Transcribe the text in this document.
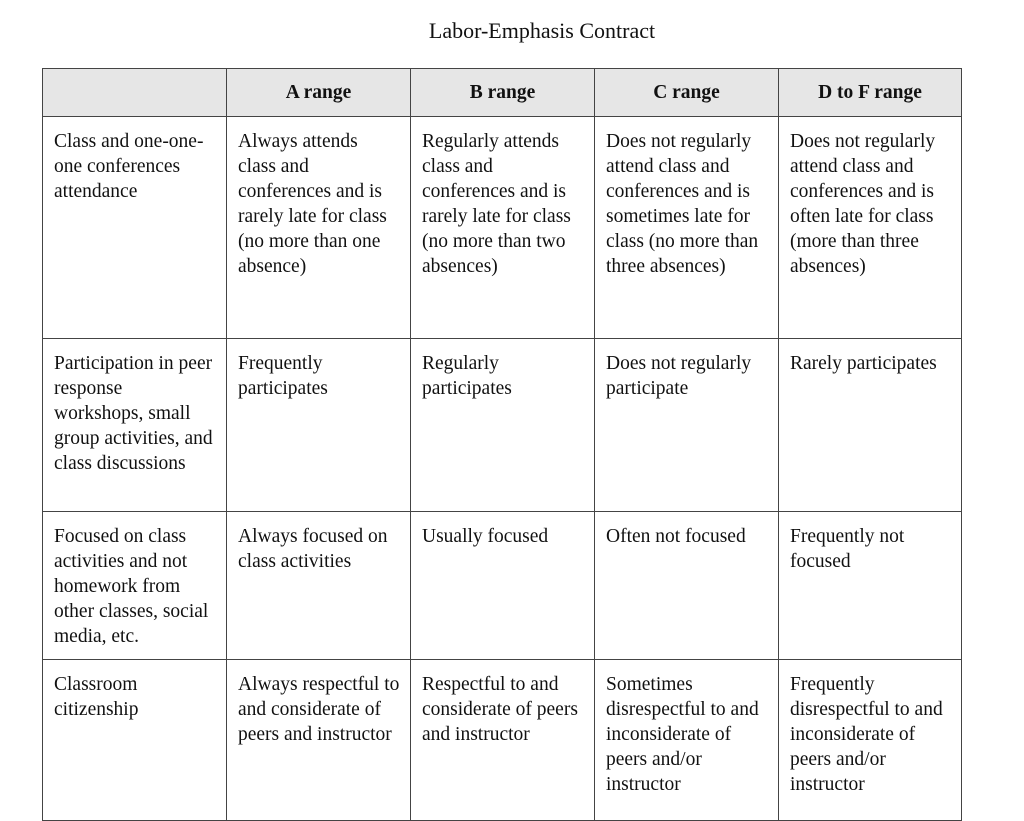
Labor-Emphasis Contract
	A range	B range	C range	D to F range
Class and one-one-one conferences attendance	Always attends class and conferences and is rarely late for class (no more than one absence)	Regularly attends class and conferences and is rarely late for class (no more than two absences)	Does not regularly attend class and conferences and is sometimes late for class (no more than three absences)	Does not regularly attend class and conferences and is often late for class (more than three absences)
Participation in peer response workshops, small group activities, and class discussions	Frequently participates	Regularly participates	Does not regularly participate	Rarely participates
Focused on class activities and not homework from other classes, social media, etc.	Always focused on class activities	Usually focused	Often not focused	Frequently not focused
Classroom citizenship	Always respectful to and considerate of peers and instructor	Respectful to and considerate of peers and instructor	Sometimes disrespectful to and inconsiderate of peers and/or instructor	Frequently disrespectful to and inconsiderate of peers and/or instructor
